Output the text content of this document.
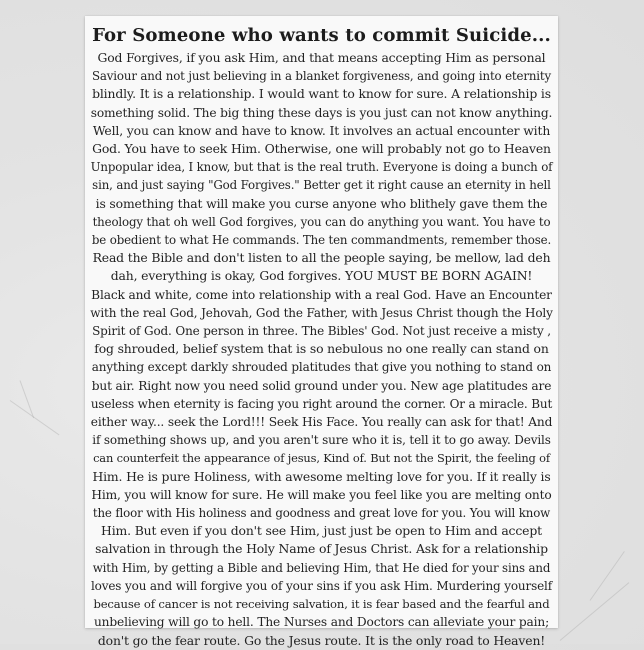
For Someone who wants to commit Suicide...
God Forgives, if you ask Him, and that means accepting Him as personal
Saviour and not just believing in a blanket forgiveness, and going into eternity
blindly. It is a relationship. I would want to know for sure. A relationship is
something solid. The big thing these days is you just can not know anything.
Well, you can know and have to know. It involves an actual encounter with
God. You have to seek Him. Otherwise, one will probably not go to Heaven
Unpopular idea, I know, but that is the real truth. Everyone is doing a bunch of
sin, and just saying "God Forgives." Better get it right cause an eternity in hell
is something that will make you curse anyone who blithely gave them the
theology that oh well God forgives, you can do anything you want. You have to
be obedient to what He commands. The ten commandments, remember those.
Read the Bible and don't listen to all the people saying, be mellow, lad deh
dah, everything is okay, God forgives. YOU MUST BE BORN AGAIN!
Black and white, come into relationship with a real God. Have an Encounter
with the real God, Jehovah, God the Father, with Jesus Christ though the Holy
Spirit of God. One person in three. The Bibles' God. Not just receive a misty ,
fog shrouded, belief system that is so nebulous no one really can stand on
anything except darkly shrouded platitudes that give you nothing to stand on
but air. Right now you need solid ground under you. New age platitudes are
useless when eternity is facing you right around the corner. Or a miracle. But
either way... seek the Lord!!! Seek His Face. You really can ask for that! And
if something shows up, and you aren't sure who it is, tell it to go away. Devils
can counterfeit the appearance of jesus, Kind of. But not the Spirit, the feeling of
Him. He is pure Holiness, with awesome melting love for you. If it really is
Him, you will know for sure. He will make you feel like you are melting onto
the floor with His holiness and goodness and great love for you. You will know
Him. But even if you don't see Him, just just be open to Him and accept
salvation in through the Holy Name of Jesus Christ. Ask for a relationship
with Him, by getting a Bible and believing Him, that He died for your sins and
loves you and will forgive you of your sins if you ask Him. Murdering yourself
because of cancer is not receiving salvation, it is fear based and the fearful and
unbelieving will go to hell. The Nurses and Doctors can alleviate your pain;
don't go the fear route. Go the Jesus route. It is the only road to Heaven!
